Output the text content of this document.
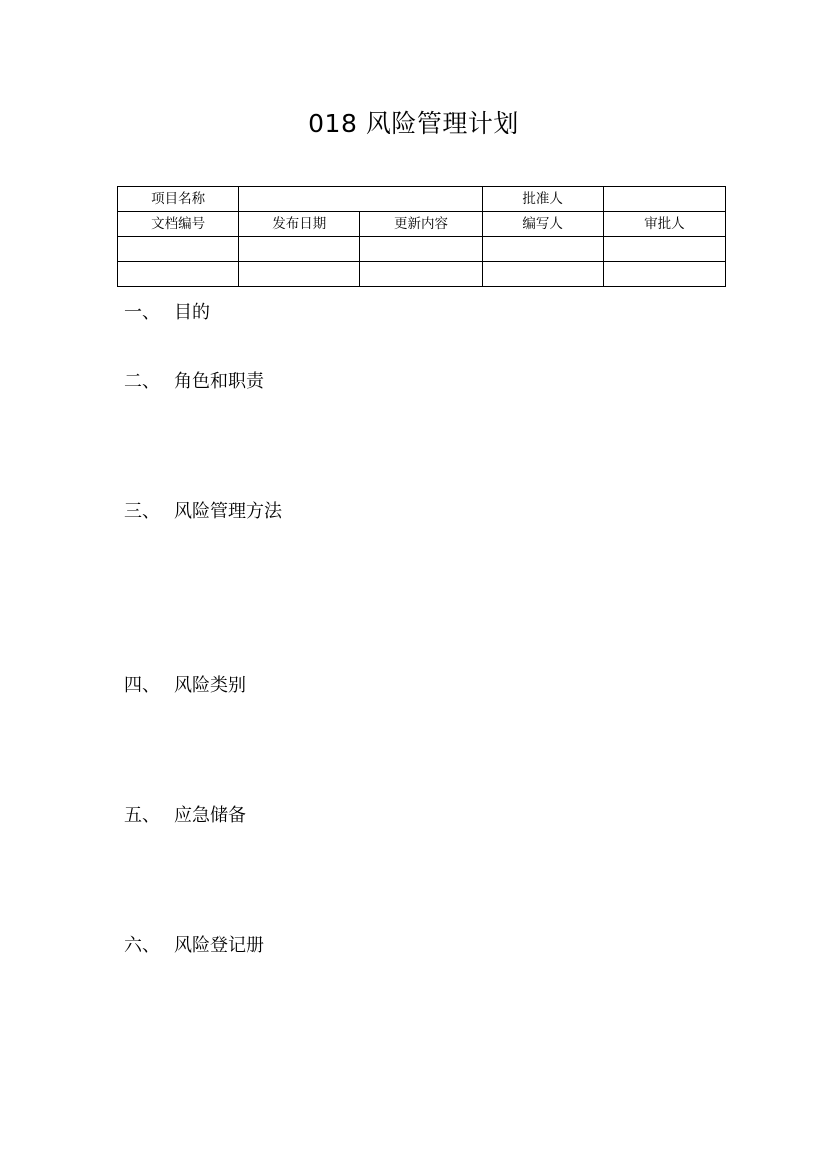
018 风险管理计划
项目名称			批准人	
文档编号	发布日期	更新内容	编写人	审批人

一、 目的
二、 角色和职责
三、 风险管理方法
四、 风险类别
五、 应急储备
六、 风险登记册
